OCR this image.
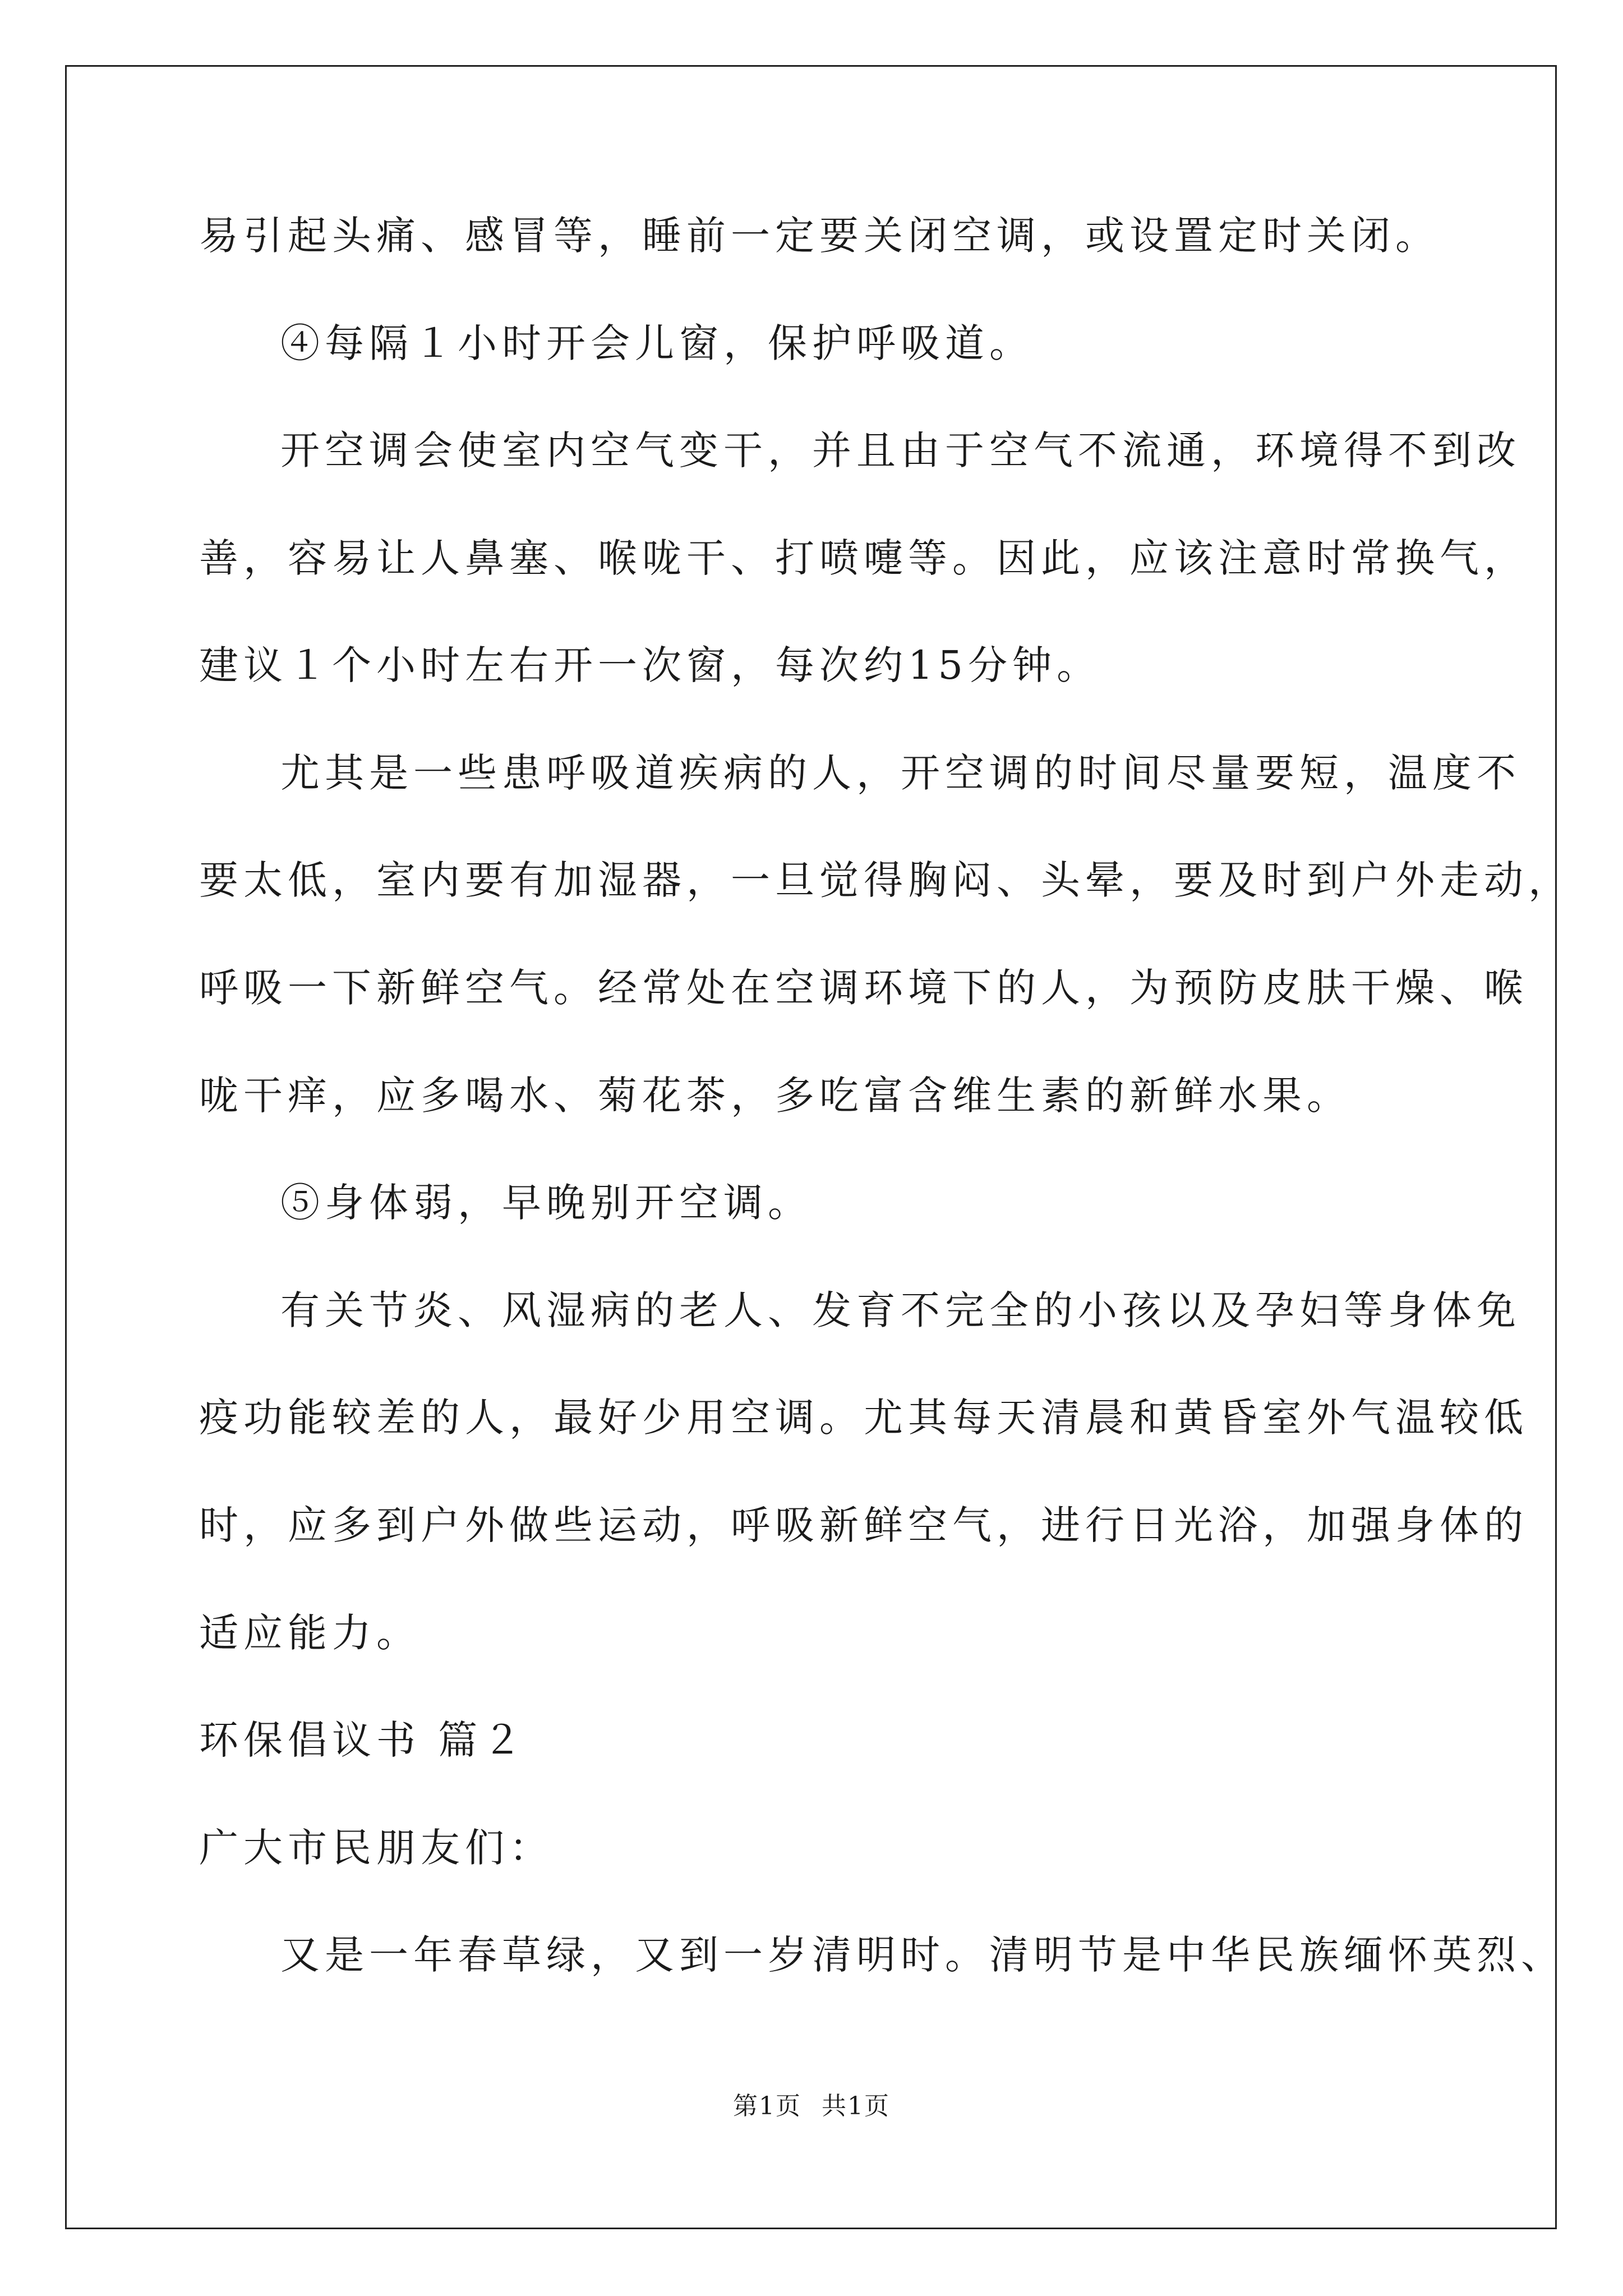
易引起头痛、感冒等，睡前一定要关闭空调，或设置定时关闭。
④每隔１小时开会儿窗，保护呼吸道。
开空调会使室内空气变干，并且由于空气不流通，环境得不到改
善，容易让人鼻塞、喉咙干、打喷嚏等。因此，应该注意时常换气，
建议１个小时左右开一次窗，每次约15分钟。
尤其是一些患呼吸道疾病的人，开空调的时间尽量要短，温度不
要太低，室内要有加湿器，一旦觉得胸闷、头晕，要及时到户外走动，
呼吸一下新鲜空气。经常处在空调环境下的人，为预防皮肤干燥、喉
咙干痒，应多喝水、菊花茶，多吃富含维生素的新鲜水果。
⑤身体弱，早晚别开空调。
有关节炎、风湿病的老人、发育不完全的小孩以及孕妇等身体免
疫功能较差的人，最好少用空调。尤其每天清晨和黄昏室外气温较低
时，应多到户外做些运动，呼吸新鲜空气，进行日光浴，加强身体的
适应能力。
环保倡议书 篇２
广大市民朋友们：
又是一年春草绿，又到一岁清明时。清明节是中华民族缅怀英烈、
第1页 共1页
